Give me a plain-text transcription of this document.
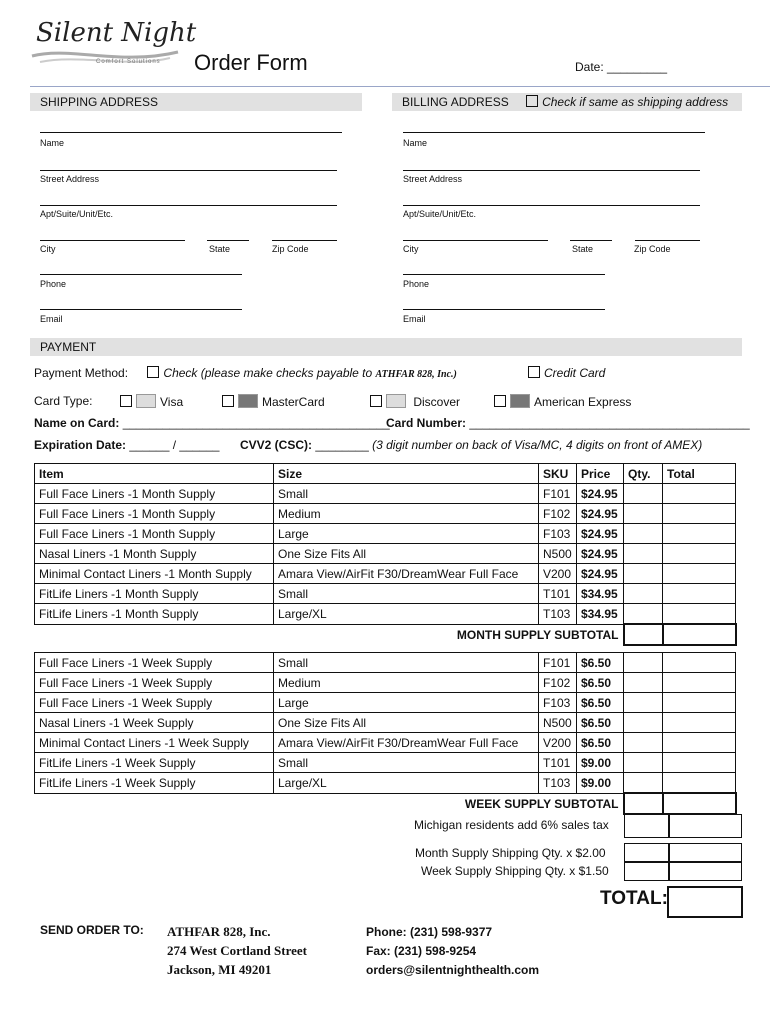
Silent Night
Comfort Solutions Order Form	Date: _________
SHIPPING ADDRESS	BILLING ADDRESS	Check if same as shipping address
Name
Street Address
Apt/Suite/Unit/Etc.
City	State	Zip Code
Phone
Email
Name
Street Address
Apt/Suite/Unit/Etc.
City	State	Zip Code
Phone
Email
PAYMENT
Payment Method:	Check (please make checks payable to ATHFAR 828, Inc.)	Credit Card
Card Type:	Visa	MasterCard	Discover	American Express
Name on Card: ________________________________________
Card Number: __________________________________________
Expiration Date: ______ / ______ CVV2 (CSC): ________ (3 digit number on back of Visa/MC, 4 digits on front of AMEX)
Item	Size	SKU	Price	Qty.	Total
Full Face Liners -1 Month Supply	Small	F101	$24.95		
Full Face Liners -1 Month Supply	Medium	F102	$24.95		
Full Face Liners -1 Month Supply	Large	F103	$24.95		
Nasal Liners -1 Month Supply	One Size Fits All	N500	$24.95		
Minimal Contact Liners -1 Month Supply	Amara View/AirFit F30/DreamWear Full Face	V200	$24.95		
FitLife Liners -1 Month Supply	Small	T101	$34.95		
FitLife Liners -1 Month Supply	Large/XL	T103	$34.95		
MONTH SUPPLY SUBTOTAL					

Full Face Liners -1 Week Supply	Small	F101	$6.50		
Full Face Liners -1 Week Supply	Medium	F102	$6.50		
Full Face Liners -1 Week Supply	Large	F103	$6.50		
Nasal Liners -1 Week Supply	One Size Fits All	N500	$6.50		
Minimal Contact Liners -1 Week Supply	Amara View/AirFit F30/DreamWear Full Face	V200	$6.50		
FitLife Liners -1 Week Supply	Small	T101	$9.00		
FitLife Liners -1 Week Supply	Large/XL	T103	$9.00		
WEEK SUPPLY SUBTOTAL					
Michigan residents add 6% sales tax
Month Supply Shipping Qty. x $2.00
Week Supply Shipping Qty. x $1.50
TOTAL:
SEND ORDER TO: ATHFAR 828, Inc.
274 West Cortland Street
Jackson, MI 49201
Phone: (231) 598-9377
Fax: (231) 598-9254
orders@silentnighthealth.com
